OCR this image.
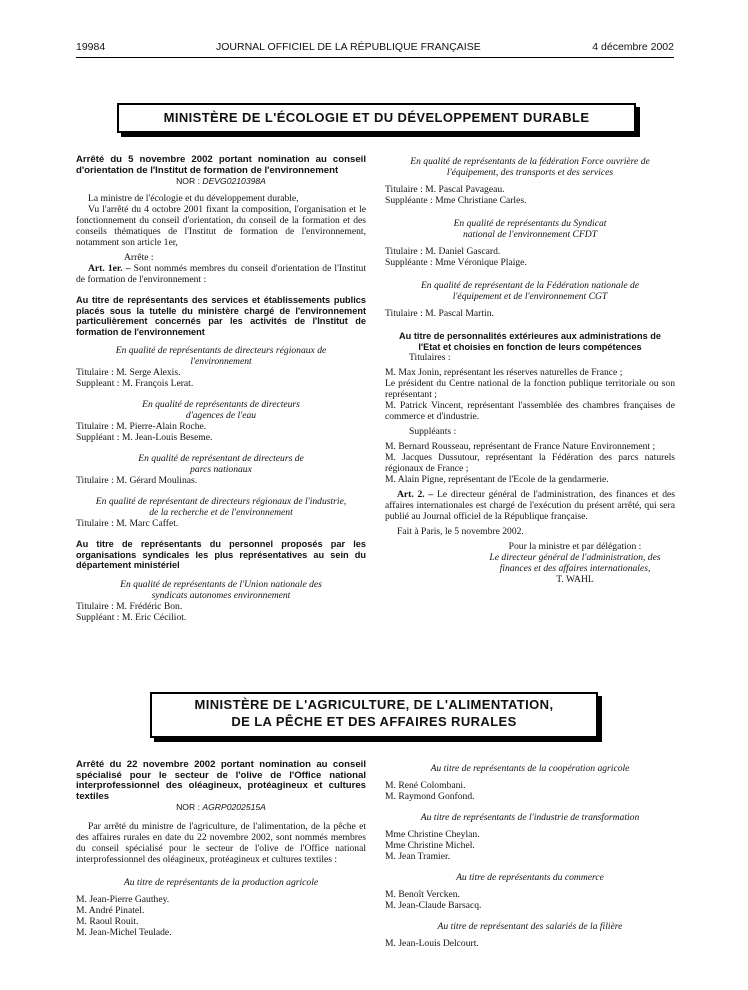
19984	JOURNAL OFFICIEL DE LA RÉPUBLIQUE FRANÇAISE	4 décembre 2002
MINISTÈRE DE L'ÉCOLOGIE ET DU DÉVELOPPEMENT DURABLE

Arrêté du 5 novembre 2002 portant nomination au conseil d'orientation de l'Institut de formation de l'environnement

NOR : DEVG0210398A

La ministre de l'écologie et du développement durable,

Vu l'arrêté du 4 octobre 2001 fixant la composition, l'organisation et le fonctionnement du conseil d'orientation, du conseil de la formation et des conseils thématiques de l'Institut de formation de l'environnement, notamment son article 1er,

Arrête :

Art. 1er. – Sont nommés membres du conseil d'orientation de l'Institut de formation de l'environnement :

Au titre de représentants des services et établissements publics placés sous la tutelle du ministère chargé de l'environnement particulièrement concernés par les activités de l'Institut de formation de l'environnement

En qualité de représentants de directeurs régionaux de l'environnement

Titulaire : M. Serge Alexis.

Suppleant : M. François Lerat.

En qualité de représentants de directeurs d'agences de l'eau

Titulaire : M. Pierre-Alain Roche.

Suppléant : M. Jean-Louis Beseme.

En qualité de représentant de directeurs de parcs nationaux

Titulaire : M. Gérard Moulinas.

En qualité de représentant de directeurs régionaux de l'industrie, de la recherche et de l'environnement

Titulaire : M. Marc Caffet.

Au titre de représentants du personnel proposés par les organisations syndicales les plus représentatives au sein du département ministériel

En qualité de représentants de l'Union nationale des syndicats autonomes environnement

Titulaire : M. Frédéric Bon.

Suppléant : M. Eric Céciliot.

En qualité de représentants de la fédération Force ouvrière de l'équipement, des transports et des services

Titulaire : M. Pascal Pavageau.

Suppléante : Mme Christiane Carles.

En qualité de représentants du Syndicat national de l'environnement CFDT

Titulaire : M. Daniel Gascard.

Suppléante : Mme Véronique Plaige.

En qualité de représentant de la Fédération nationale de l'équipement et de l'environnement CGT

Titulaire : M. Pascal Martin.

Au titre de personnalités extérieures aux administrations de l'Etat et choisies en fonction de leurs compétences

Titulaires :

M. Max Jonin, représentant les réserves naturelles de France ;

Le président du Centre national de la fonction publique territoriale ou son représentant ;

M. Patrick Vincent, représentant l'assemblée des chambres françaises de commerce et d'industrie.

Suppléants :

M. Bernard Rousseau, représentant de France Nature Environnement ;

M. Jacques Dussutour, représentant la Fédération des parcs naturels régionaux de France ;

M. Alain Pigne, représentant de l'Ecole de la gendarmerie.

Art. 2. – Le directeur général de l'administration, des finances et des affaires internationales est chargé de l'exécution du présent arrêté, qui sera publié au Journal officiel de la République française.

Fait à Paris, le 5 novembre 2002.

Pour la ministre et par délégation :

Le directeur général de l'administration, des finances et des affaires internationales,

T. WAHL

MINISTÈRE DE L'AGRICULTURE, DE L'ALIMENTATION,
DE LA PÊCHE ET DES AFFAIRES RURALES

Arrêté du 22 novembre 2002 portant nomination au conseil spécialisé pour le secteur de l'olive de l'Office national interprofessionnel des oléagineux, protéagineux et cultures textiles

NOR : AGRP0202515A

Par arrêté du ministre de l'agriculture, de l'alimentation, de la pêche et des affaires rurales en date du 22 novembre 2002, sont nommés membres du conseil spécialisé pour le secteur de l'olive de l'Office national interprofessionnel des oléagineux, protéagineux et cultures textiles :

Au titre de représentants de la production agricole

M. Jean-Pierre Gauthey.

M. André Pinatel.

M. Raoul Rouit.

M. Jean-Michel Teulade.

Au titre de représentants de la coopération agricole

M. René Colombani.

M. Raymond Gonfond.

Au titre de représentants de l'industrie de transformation

Mme Christine Cheylan.

Mme Christine Michel.

M. Jean Tramier.

Au titre de représentants du commerce

M. Benoît Vercken.

M. Jean-Claude Barsacq.

Au titre de représentant des salariés de la filière

M. Jean-Louis Delcourt.
